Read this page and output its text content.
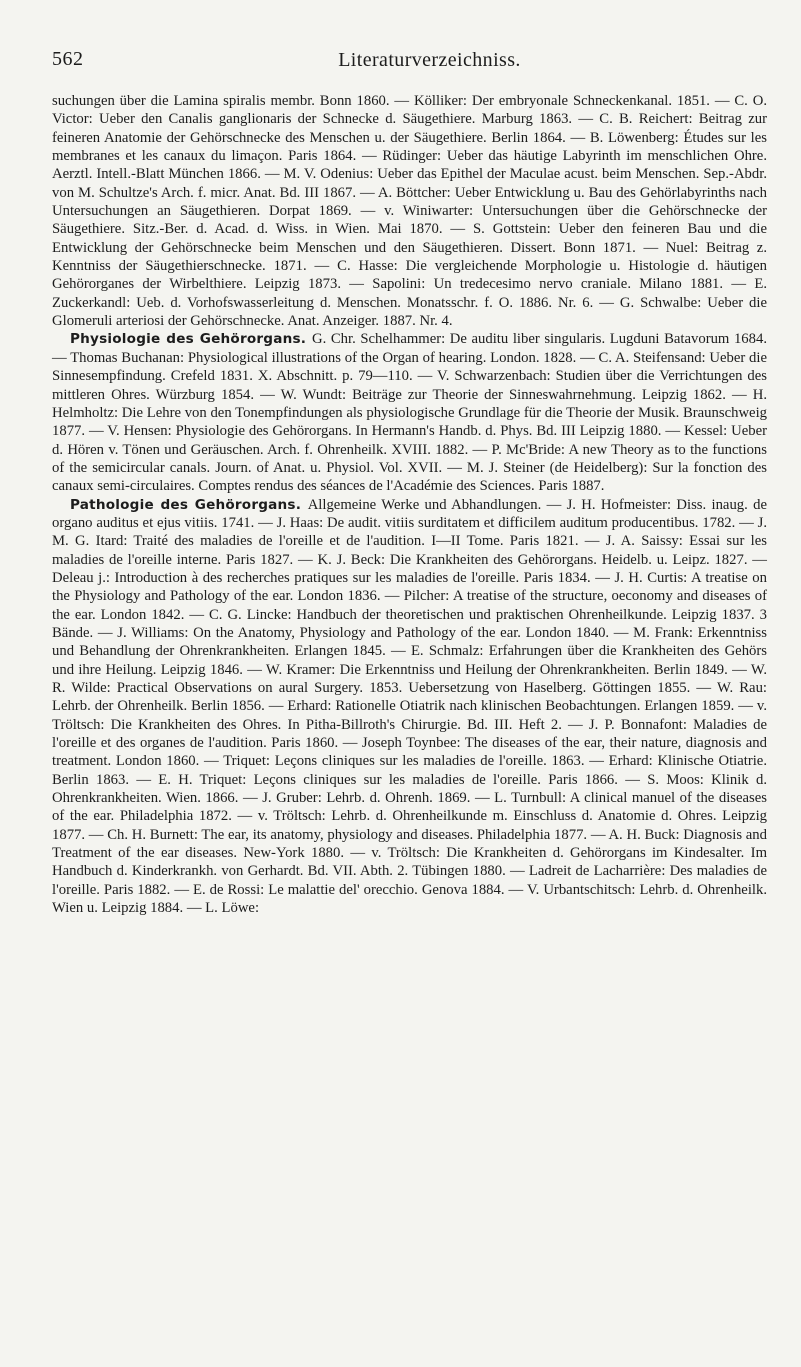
562	Literaturverzeichniss.

suchungen über die Lamina spiralis membr. Bonn 1860. — Kölliker: Der embryonale Schneckenkanal. 1851. — C. O. Victor: Ueber den Canalis ganglionaris der Schnecke d. Säugethiere. Marburg 1863. — C. B. Reichert: Beitrag zur feineren Anatomie der Gehörschnecke des Menschen u. der Säugethiere. Berlin 1864. — B. Löwenberg: Études sur les membranes et les canaux du limaçon. Paris 1864. — Rüdinger: Ueber das häutige Labyrinth im menschlichen Ohre. Aerztl. Intell.-Blatt München 1866. — M. V. Odenius: Ueber das Epithel der Maculae acust. beim Menschen. Sep.-Abdr. von M. Schultze's Arch. f. micr. Anat. Bd. III 1867. — A. Böttcher: Ueber Entwicklung u. Bau des Gehörlabyrinths nach Untersuchungen an Säugethieren. Dorpat 1869. — v. Winiwarter: Untersuchungen über die Gehörschnecke der Säugethiere. Sitz.-Ber. d. Acad. d. Wiss. in Wien. Mai 1870. — S. Gottstein: Ueber den feineren Bau und die Entwicklung der Gehörschnecke beim Menschen und den Säugethieren. Dissert. Bonn 1871. — Nuel: Beitrag z. Kenntniss der Säugethierschnecke. 1871. — C. Hasse: Die vergleichende Morphologie u. Histologie d. häutigen Gehörorganes der Wirbelthiere. Leipzig 1873. — Sapolini: Un tredecesimo nervo craniale. Milano 1881. — E. Zuckerkandl: Ueb. d. Vorhofswasserleitung d. Menschen. Monatsschr. f. O. 1886. Nr. 6. — G. Schwalbe: Ueber die Glomeruli arteriosi der Gehörschnecke. Anat. Anzeiger. 1887. Nr. 4.

Physiologie des Gehörorgans. G. Chr. Schelhammer: De auditu liber singularis. Lugduni Batavorum 1684. — Thomas Buchanan: Physiological illustrations of the Organ of hearing. London. 1828. — C. A. Steifensand: Ueber die Sinnesempfindung. Crefeld 1831. X. Abschnitt. p. 79—110. — V. Schwarzenbach: Studien über die Verrichtungen des mittleren Ohres. Würzburg 1854. — W. Wundt: Beiträge zur Theorie der Sinneswahrnehmung. Leipzig 1862. — H. Helmholtz: Die Lehre von den Tonempfindungen als physiologische Grundlage für die Theorie der Musik. Braunschweig 1877. — V. Hensen: Physiologie des Gehörorgans. In Hermann's Handb. d. Phys. Bd. III Leipzig 1880. — Kessel: Ueber d. Hören v. Tönen und Geräuschen. Arch. f. Ohrenheilk. XVIII. 1882. — P. Mc'Bride: A new Theory as to the functions of the semicircular canals. Journ. of Anat. u. Physiol. Vol. XVII. — M. J. Steiner (de Heidelberg): Sur la fonction des canaux semi-circulaires. Comptes rendus des séances de l'Académie des Sciences. Paris 1887.

Pathologie des Gehörorgans. Allgemeine Werke und Abhandlungen. — J. H. Hofmeister: Diss. inaug. de organo auditus et ejus vitiis. 1741. — J. Haas: De audit. vitiis surditatem et difficilem auditum producentibus. 1782. — J. M. G. Itard: Traité des maladies de l'oreille et de l'audition. I—II Tome. Paris 1821. — J. A. Saissy: Essai sur les maladies de l'oreille interne. Paris 1827. — K. J. Beck: Die Krankheiten des Gehörorgans. Heidelb. u. Leipz. 1827. — Deleau j.: Introduction à des recherches pratiques sur les maladies de l'oreille. Paris 1834. — J. H. Curtis: A treatise on the Physiology and Pathology of the ear. London 1836. — Pilcher: A treatise of the structure, oeconomy and diseases of the ear. London 1842. — C. G. Lincke: Handbuch der theoretischen und praktischen Ohrenheilkunde. Leipzig 1837. 3 Bände. — J. Williams: On the Anatomy, Physiology and Pathology of the ear. London 1840. — M. Frank: Erkenntniss und Behandlung der Ohrenkrankheiten. Erlangen 1845. — E. Schmalz: Erfahrungen über die Krankheiten des Gehörs und ihre Heilung. Leipzig 1846. — W. Kramer: Die Erkenntniss und Heilung der Ohrenkrankheiten. Berlin 1849. — W. R. Wilde: Practical Observations on aural Surgery. 1853. Uebersetzung von Haselberg. Göttingen 1855. — W. Rau: Lehrb. der Ohrenheilk. Berlin 1856. — Erhard: Rationelle Otiatrik nach klinischen Beobachtungen. Erlangen 1859. — v. Tröltsch: Die Krankheiten des Ohres. In Pitha-Billroth's Chirurgie. Bd. III. Heft 2. — J. P. Bonnafont: Maladies de l'oreille et des organes de l'audition. Paris 1860. — Joseph Toynbee: The diseases of the ear, their nature, diagnosis and treatment. London 1860. — Triquet: Leçons cliniques sur les maladies de l'oreille. 1863. — Erhard: Klinische Otiatrie. Berlin 1863. — E. H. Triquet: Leçons cliniques sur les maladies de l'oreille. Paris 1866. — S. Moos: Klinik d. Ohrenkrankheiten. Wien. 1866. — J. Gruber: Lehrb. d. Ohrenh. 1869. — L. Turnbull: A clinical manuel of the diseases of the ear. Philadelphia 1872. — v. Tröltsch: Lehrb. d. Ohrenheilkunde m. Einschluss d. Anatomie d. Ohres. Leipzig 1877. — Ch. H. Burnett: The ear, its anatomy, physiology and diseases. Philadelphia 1877. — A. H. Buck: Diagnosis and Treatment of the ear diseases. New-York 1880. — v. Tröltsch: Die Krankheiten d. Gehörorgans im Kindesalter. Im Handbuch d. Kinderkrankh. von Gerhardt. Bd. VII. Abth. 2. Tübingen 1880. — Ladreit de Lacharrière: Des maladies de l'oreille. Paris 1882. — E. de Rossi: Le malattie del' orecchio. Genova 1884. — V. Urbantschitsch: Lehrb. d. Ohrenheilk. Wien u. Leipzig 1884. — L. Löwe:
